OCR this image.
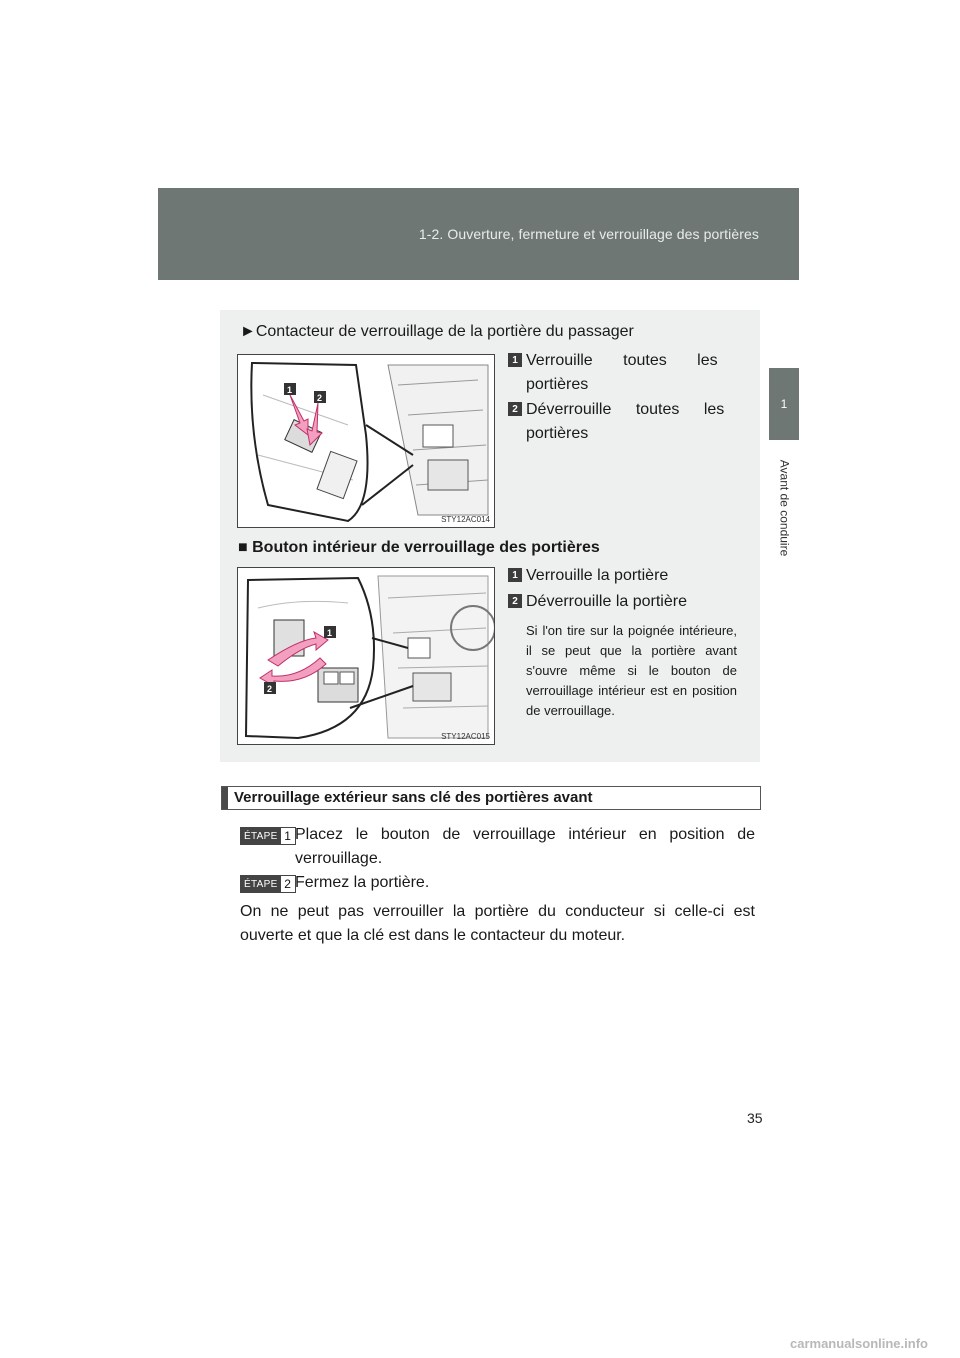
1-2. Ouverture, fermeture et verrouillage des portières
1
Avant de conduire
►Contacteur de verrouillage de la portière du passager
1
2
STY12AC014
1 Verrouille toutes les
portières
2 Déverrouille toutes les
portières
■ Bouton intérieur de verrouillage des portières
1
2
STY12AC015
1 Verrouille la portière
2 Déverrouille la portière
Si l'on tire sur la poignée intérieure, il se peut que la portière avant s'ouvre même si le bouton de verrouillage intérieur est en position de verrouillage.
Verrouillage extérieur sans clé des portières avant
ÉTAPE 1 Placez le bouton de verrouillage intérieur en position de
verrouillage.
ÉTAPE 2 Fermez la portière.
On ne peut pas verrouiller la portière du conducteur si celle-ci est
ouverte et que la clé est dans le contacteur du moteur.
35
carmanualsonline.info
